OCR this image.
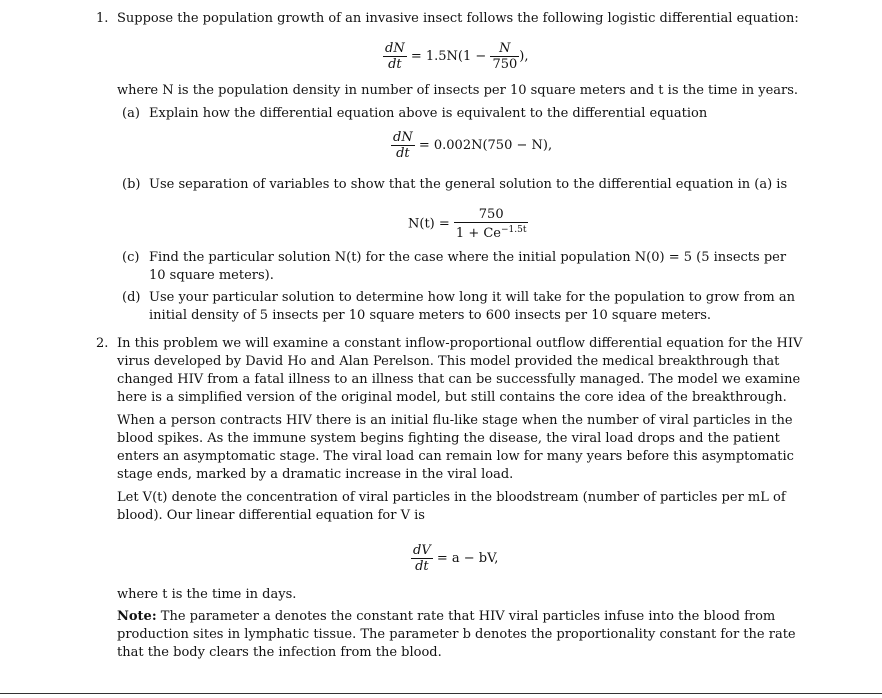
1. Suppose the population growth of an invasive insect follows the following logistic differential equation:
$\frac{dN}{dt} = 1.5N(1 - \frac{N}{750}$ ),
where N is the population density in number of insects per 10 square meters and t is the time in years.
(a) Explain how the differential equation above is equivalent to the differential equation
$\frac{dN}{dt} = 0.002N(750 - N)$,
(b) Use separation of variables to show that the general solution to the differential equation in (a) is
$N(t) = \frac{750}{1 + Ce^{-1.5t}}$
(c) Find the particular solution N(t) for the case where the initial population N(0) = 5 (5 insects per
10 square meters).
(d) Use your particular solution to determine how long it will take for the population to grow from an
initial density of 5 insects per 10 square meters to 600 insects per 10 square meters.
2. In this problem we will examine a constant inflow-proportional outflow differential equation for the HIV
virus developed by David Ho and Alan Perelson. This model provided the medical breakthrough that
changed HIV from a fatal illness to an illness that can be successfully managed. The model we examine
here is a simplified version of the original model, but still contains the core idea of the breakthrough.
When a person contracts HIV there is an initial flu-like stage when the number of viral particles in the
blood spikes. As the immune system begins fighting the disease, the viral load drops and the patient
enters an asymptomatic stage. The viral load can remain low for many years before this asymptomatic
stage ends, marked by a dramatic increase in the viral load.
Let V(t) denote the concentration of viral particles in the bloodstream (number of particles per mL of
blood). Our linear differential equation for V is
$\frac{dV}{dt} = a$ − bV,
where t is the time in days.
Note: The parameter a denotes the constant rate that HIV viral particles infuse into the blood from
production sites in lymphatic tissue. The parameter b denotes the proportionality constant for the rate
that the body clears the infection from the blood.
